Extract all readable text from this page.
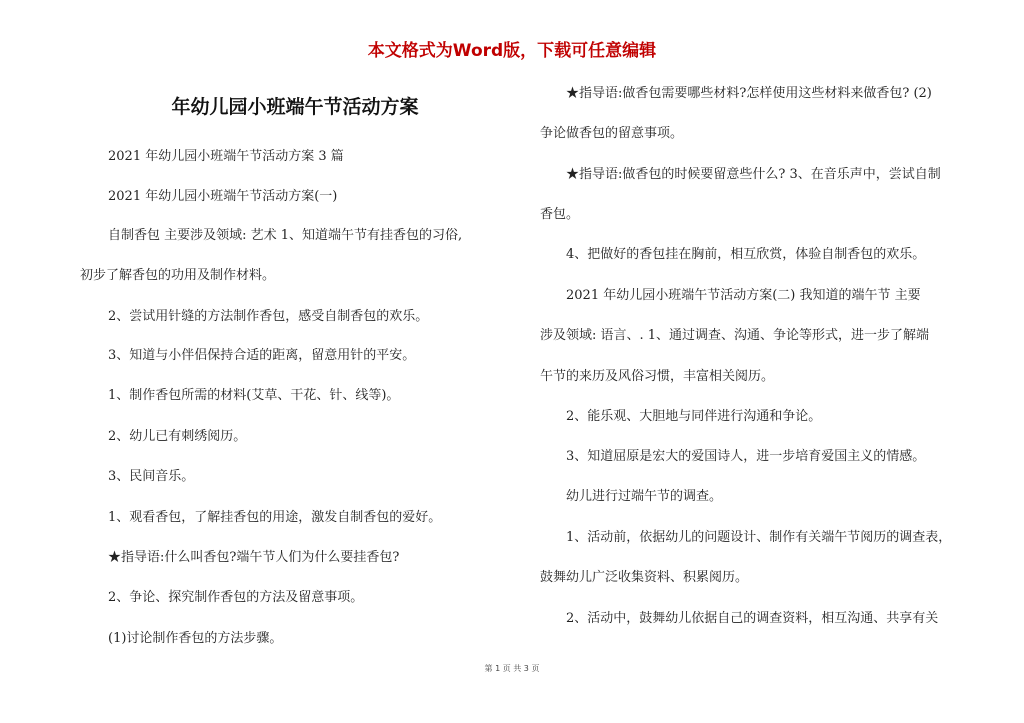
本文格式为Word版，下载可任意编辑
年幼儿园小班端午节活动方案
2021 年幼儿园小班端午节活动方案 3 篇
2021 年幼儿园小班端午节活动方案(一)
自制香包 主要涉及领域: 艺术 1、知道端午节有挂香包的习俗,
初步了解香包的功用及制作材料。
2、尝试用针缝的方法制作香包，感受自制香包的欢乐。
3、知道与小伴侣保持合适的距离，留意用针的平安。
1、制作香包所需的材料(艾草、干花、针、线等)。
2、幼儿已有刺绣阅历。
3、民间音乐。
1、观看香包，了解挂香包的用途，激发自制香包的爱好。
★指导语:什么叫香包?端午节人们为什么要挂香包?
2、争论、探究制作香包的方法及留意事项。
(1)讨论制作香包的方法步骤。
★指导语:做香包需要哪些材料?怎样使用这些材料来做香包? (2)
争论做香包的留意事项。
★指导语:做香包的时候要留意些什么? 3、在音乐声中，尝试自制
香包。
4、把做好的香包挂在胸前，相互欣赏，体验自制香包的欢乐。
2021 年幼儿园小班端午节活动方案(二) 我知道的端午节 主要
涉及领域: 语言、. 1、通过调查、沟通、争论等形式，进一步了解端
午节的来历及风俗习惯，丰富相关阅历。
2、能乐观、大胆地与同伴进行沟通和争论。
3、知道屈原是宏大的爱国诗人，进一步培育爱国主义的情感。
幼儿进行过端午节的调查。
1、活动前，依据幼儿的问题设计、制作有关端午节阅历的调查表，
鼓舞幼儿广泛收集资料、积累阅历。
2、活动中，鼓舞幼儿依据自己的调查资料，相互沟通、共享有关
第 1 页 共 3 页
